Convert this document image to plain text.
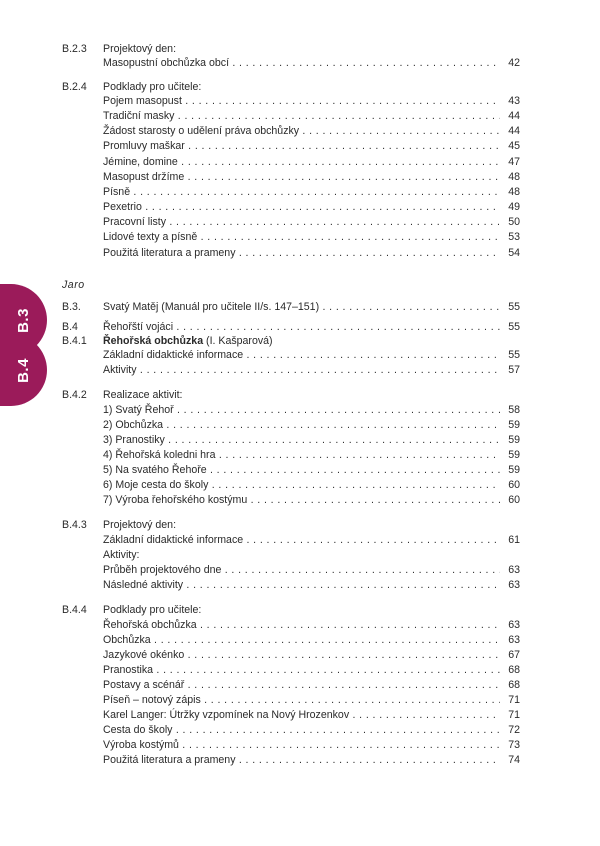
B.3
B.4
Jaro
B.2.3 Projektový den:
Masopustní obchůzka obcí . . .	42
B.2.4 Podklady pro učitele:
Pojem masopust . . .	43
Tradiční masky . . .	44
Žádost starosty o udělení práva obchůzky . . .	44
Promluvy maškar . . .	45
Jémine, domine . . .	47
Masopust držíme . . .	48
Písně . . .	48
Pexetrio . . .	49
Pracovní listy . . .	50
Lidové texty a písně . . .	53
Použitá literatura a prameny . . .	54
B.3. Svatý Matěj (Manuál pro učitele II/s. 147–151) . . .	55
B.4 Řehořští vojáci . . .	55
B.4.1 Řehořská obchůzka (I. Kašparová)
Základní didaktické informace . . .	55
Aktivity . . .	57
B.4.2 Realizace aktivit:
1) Svatý Řehoř . . .	58
2) Obchůzka . . .	59
3) Pranostiky . . .	59
4) Řehořská koledni hra . . .	59
5) Na svatého Řehoře . . .	59
6) Moje cesta do školy . . .	60
7) Výroba řehořského kostýmu . . .	60
B.4.3 Projektový den:
Základní didaktické informace . . .	61
Aktivity:
Průběh projektového dne . . .	63
Následné aktivity . . .	63
B.4.4 Podklady pro učitele:
Řehořská obchůzka . . .	63
Obchůzka . . .	63
Jazykové okénko . . .	67
Pranostika . . .	68
Postavy a scénář . . .	68
Píseň – notový zápis . . .	71
Karel Langer: Útržky vzpomínek na Nový Hrozenkov . . .	71
Cesta do školy . . .	72
Výroba kostýmů . . .	73
Použitá literatura a prameny . . .	74
